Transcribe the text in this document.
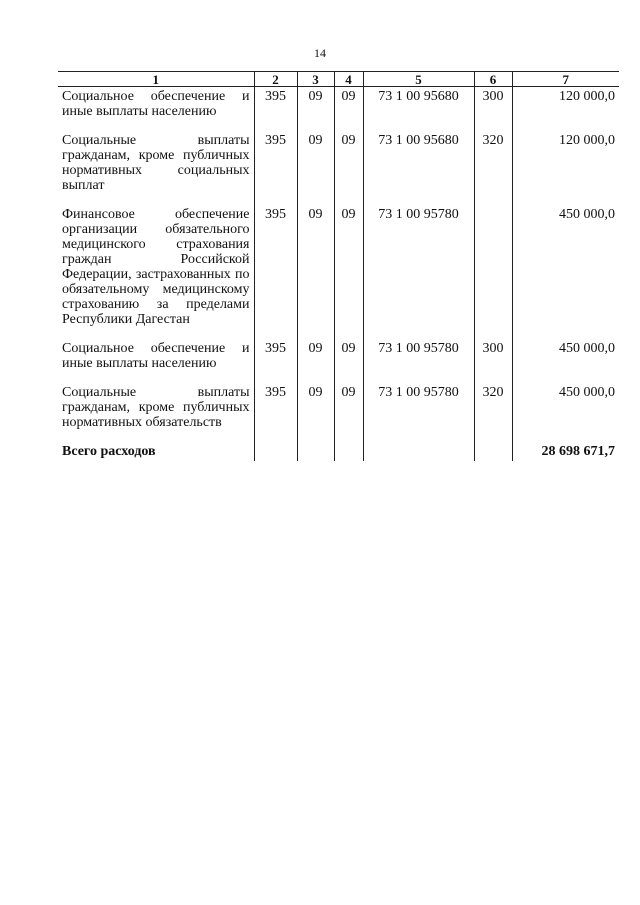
14
1	2	3	4	5	6	7
Социальное обеспечение и иные выплаты населению	395	09	09	73 1 00 95680	300	120 000,0
Социальные выплаты гражданам, кроме публичных нормативных социальных выплат	395	09	09	73 1 00 95680	320	120 000,0
Финансовое обеспечение организации обязательного медицинского страхования граждан Российской Федерации, застрахованных по обязательному медицинскому страхованию за пределами Республики Дагестан	395	09	09	73 1 00 95780		450 000,0
Социальное обеспечение и иные выплаты населению	395	09	09	73 1 00 95780	300	450 000,0
Социальные выплаты гражданам, кроме публичных нормативных обязательств	395	09	09	73 1 00 95780	320	450 000,0
Всего расходов						28 698 671,7
